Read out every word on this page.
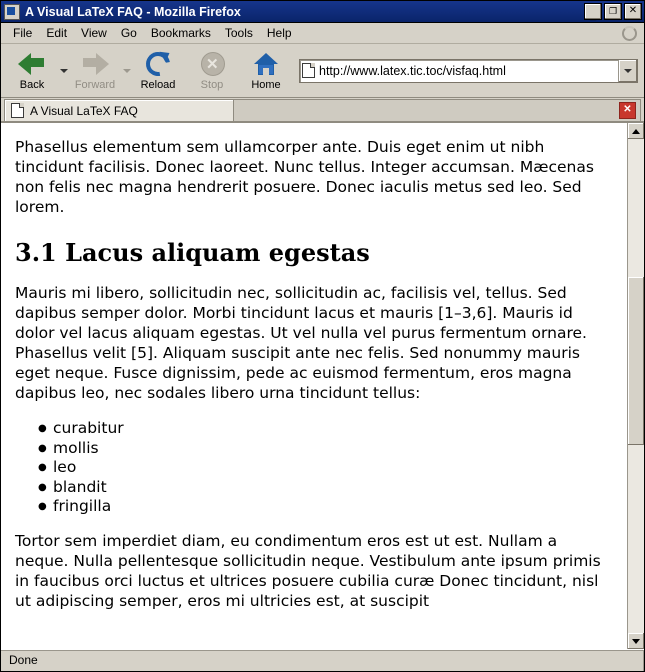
A Visual LaTeX FAQ - Mozilla Firefox	_	❐	✕
File	Edit	View	Go	Bookmarks	Tools	Help
Back	Forward Reload
✕
Stop	Home
http://www.latex.tic.toc/visfaq.html
A Visual LaTeX FAQ	✕

Phasellus elementum sem ullamcorper ante. Duis eget enim ut nibh tincidunt facilisis. Donec laoreet. Nunc tellus. Integer accumsan. Mæcenas non felis nec magna hendrerit posuere. Donec iaculis metus sed leo. Sed lorem.

3.1 Lacus aliquam egestas

Mauris mi libero, sollicitudin nec, sollicitudin ac, facilisis vel, tellus. Sed dapibus semper dolor. Morbi tincidunt lacus et mauris [1–3,6]. Mauris id dolor vel lacus aliquam egestas. Ut vel nulla vel purus fermentum ornare. Phasellus velit [5]. Aliquam suscipit ante nec felis. Sed nonummy mauris eget neque. Fusce dignissim, pede ac euismod fermentum, eros magna dapibus leo, nec sodales libero urna tincidunt tellus:

● curabitur
● mollis
● leo
● blandit
● fringilla

Tortor sem imperdiet diam, eu condimentum eros est ut est. Nullam a neque. Nulla pellentesque sollicitudin neque. Vestibulum ante ipsum primis in faucibus orci luctus et ultrices posuere cubilia curæ Donec tincidunt, nisl ut adipiscing semper, eros mi ultricies est, at suscipit

Done
